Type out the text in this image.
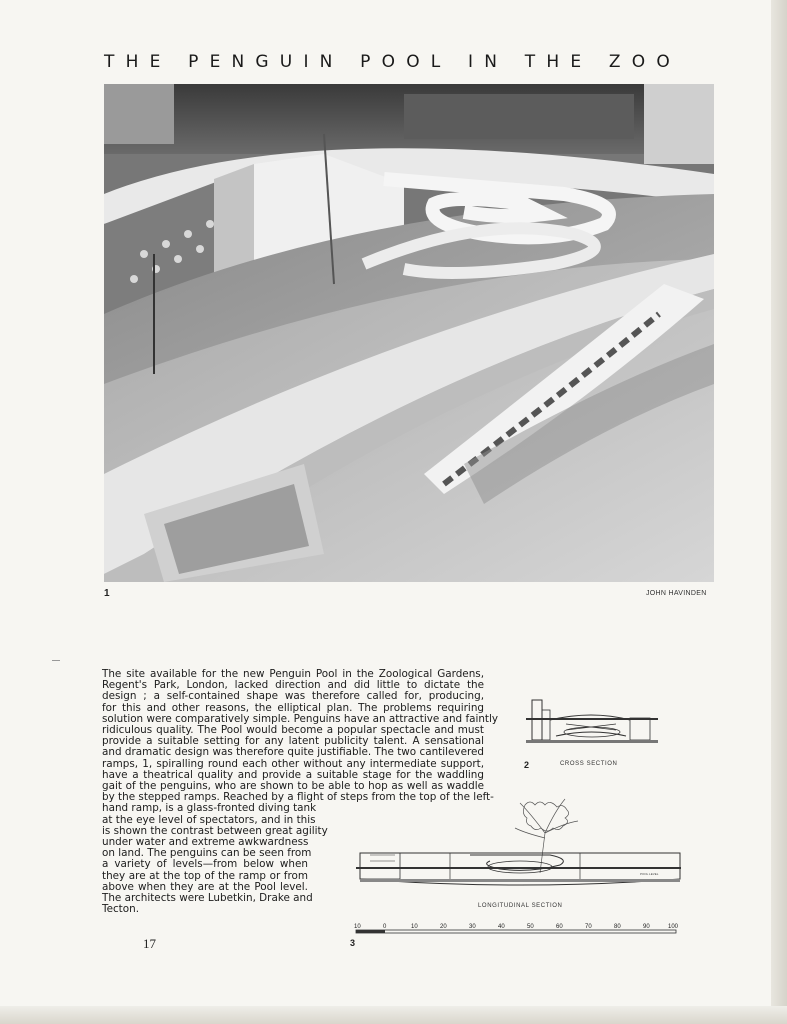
THE PENGUIN POOL IN THE ZOO
1	JOHN HAVINDEN
The site available for the new Penguin Pool in the Zoological Gardens,
Regent's Park, London, lacked direction and did little to dictate the
design ; a self-contained shape was therefore called for, producing,
for this and other reasons, the elliptical plan. The problems requiring
solution were comparatively simple. Penguins have an attractive and faintly
ridiculous quality. The Pool would become a popular spectacle and must
provide a suitable setting for any latent publicity talent. A sensational
and dramatic design was therefore quite justifiable. The two cantilevered
ramps, 1, spiralling round each other without any intermediate support,
have a theatrical quality and provide a suitable stage for the waddling
gait of the penguins, who are shown to be able to hop as well as waddle
by the stepped ramps. Reached by a flight of steps from the top of the left-
hand ramp, is a glass-fronted diving tank
at the eye level of spectators, and in this
is shown the contrast between great agility
under water and extreme awkwardness
on land. The penguins can be seen from
a variety of levels—from below when
they are at the top of the ramp or from
above when they are at the Pool level.
The architects were Lubetkin, Drake and
Tecton.
17
2	CROSS SECTION
POOL LEVEL
LONGITUDINAL SECTION
10	0	10	20	30	40	50	60	70	80	90	100
3
